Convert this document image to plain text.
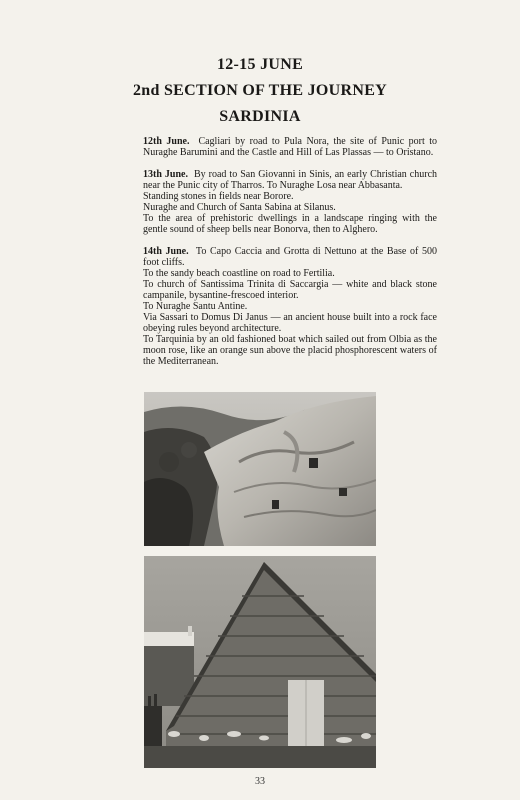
12-15 JUNE
2nd SECTION OF THE JOURNEY
SARDINIA

12th June. Cagliari by road to Pula Nora, the site of Punic port to Nuraghe Barumini and the Castle and Hill of Las Plassas — to Oristano.

13th June. By road to San Giovanni in Sinis, an early Christian church near the Punic city of Tharros. To Nuraghe Losa near Abbasanta.

Standing stones in fields near Borore.

Nuraghe and Church of Santa Sabina at Silanus.

To the area of prehistoric dwellings in a landscape ringing with the gentle sound of sheep bells near Bonorva, then to Alghero.

14th June. To Capo Caccia and Grotta di Nettuno at the Base of 500 foot cliffs.

To the sandy beach coastline on road to Fertilia.

To church of Santissima Trinita di Saccargia — white and black stone campanile, bysantine-frescoed interior.

To Nuraghe Santu Antine.

Via Sassari to Domus Di Janus — an ancient house built into a rock face obeying rules beyond architecture.

To Tarquinia by an old fashioned boat which sailed out from Olbia as the moon rose, like an orange sun above the placid phosphorescent waters of the Mediterranean.

33
